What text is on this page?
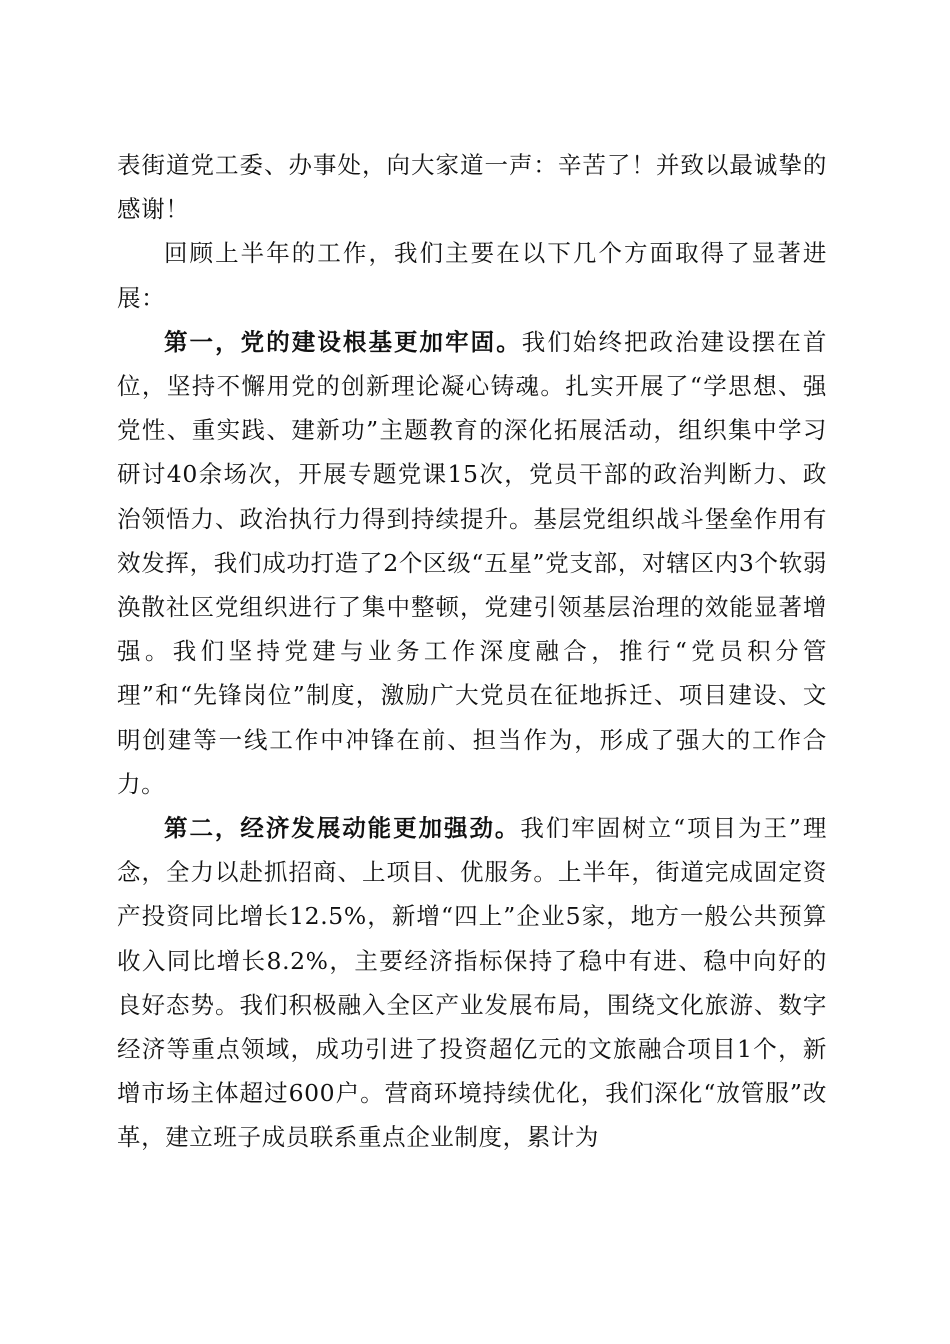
表街道党工委、办事处，向大家道一声：辛苦了！并致以最诚挚的感谢！

回顾上半年的工作，我们主要在以下几个方面取得了显著进展：

第一，党的建设根基更加牢固。我们始终把政治建设摆在首位，坚持不懈用党的创新理论凝心铸魂。扎实开展了“学思想、强党性、重实践、建新功”主题教育的深化拓展活动，组织集中学习研讨40余场次，开展专题党课15次，党员干部的政治判断力、政治领悟力、政治执行力得到持续提升。基层党组织战斗堡垒作用有效发挥，我们成功打造了2个区级“五星”党支部，对辖区内3个软弱涣散社区党组织进行了集中整顿，党建引领基层治理的效能显著增强。我们坚持党建与业务工作深度融合，推行“党员积分管理”和“先锋岗位”制度，激励广大党员在征地拆迁、项目建设、文明创建等一线工作中冲锋在前、担当作为，形成了强大的工作合力。

第二，经济发展动能更加强劲。我们牢固树立“项目为王”理念，全力以赴抓招商、上项目、优服务。上半年，街道完成固定资产投资同比增长12.5%，新增“四上”企业5家，地方一般公共预算收入同比增长8.2%，主要经济指标保持了稳中有进、稳中向好的良好态势。我们积极融入全区产业发展布局，围绕文化旅游、数字经济等重点领域，成功引进了投资超亿元的文旅融合项目1个，新增市场主体超过600户。营商环境持续优化，我们深化“放管服”改革，建立班子成员联系重点企业制度，累计为
